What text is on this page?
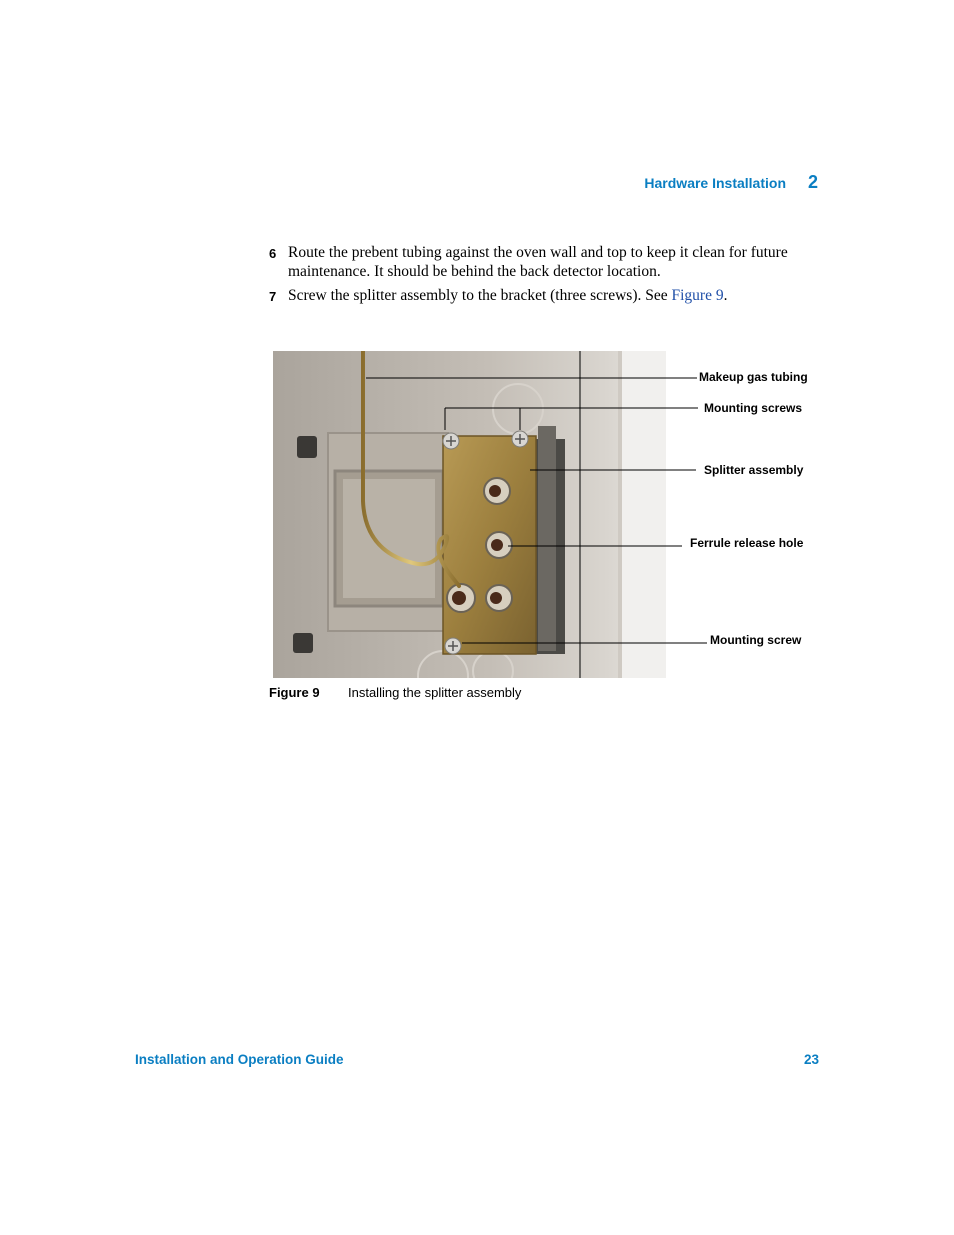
Hardware Installation 2
6 Route the prebent tubing against the oven wall and top to keep it clean for future maintenance. It should be behind the back detector location.
7 Screw the splitter assembly to the bracket (three screws). See Figure 9.
Makeup gas tubing
Mounting screws
Splitter assembly
Ferrule release hole
Mounting screw
Figure 9 Installing the splitter assembly
Installation and Operation Guide	23
